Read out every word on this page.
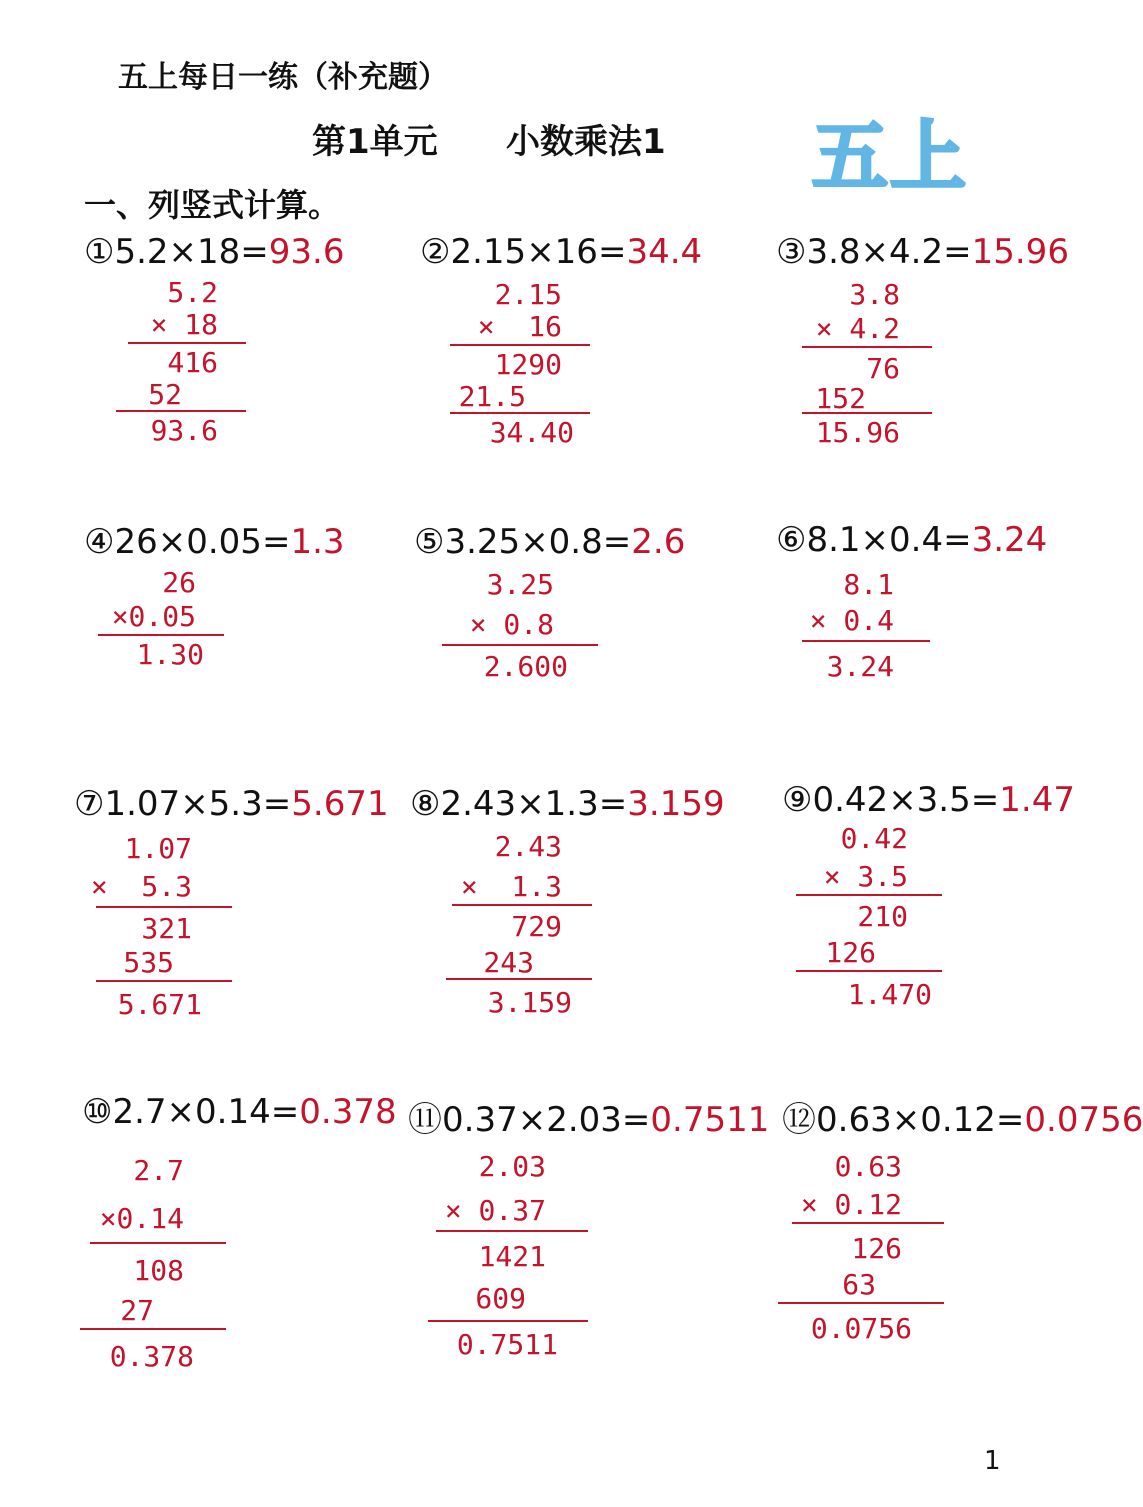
五上每日一练（补充题）
第1单元 小数乘法1 五上
一、列竖式计算。
①5.2×18=93.6
5.2
× 18
416
52
93.6
②2.15×16=34.4
2.15
×  16
1290
21.5
34.40
③3.8×4.2=15.96
3.8
× 4.2
76
152
15.96
④26×0.05=1.3
26
×0.05
1.30
⑤3.25×0.8=2.6
3.25
× 0.8
2.600
⑥8.1×0.4=3.24
8.1
× 0.4
3.24
⑦1.07×5.3=5.671
1.07
×  5.3
321
535
5.671
⑧2.43×1.3=3.159
2.43
×  1.3
729
243
3.159
⑨0.42×3.5=1.47
0.42
× 3.5
210
126
1.470
⑩2.7×0.14=0.378
2.7
×0.14
108
27
0.378
⑪0.37×2.03=0.7511
2.03
× 0.37
1421
609
0.7511
⑫0.63×0.12=0.0756
0.63
× 0.12
126
63
0.0756
1
